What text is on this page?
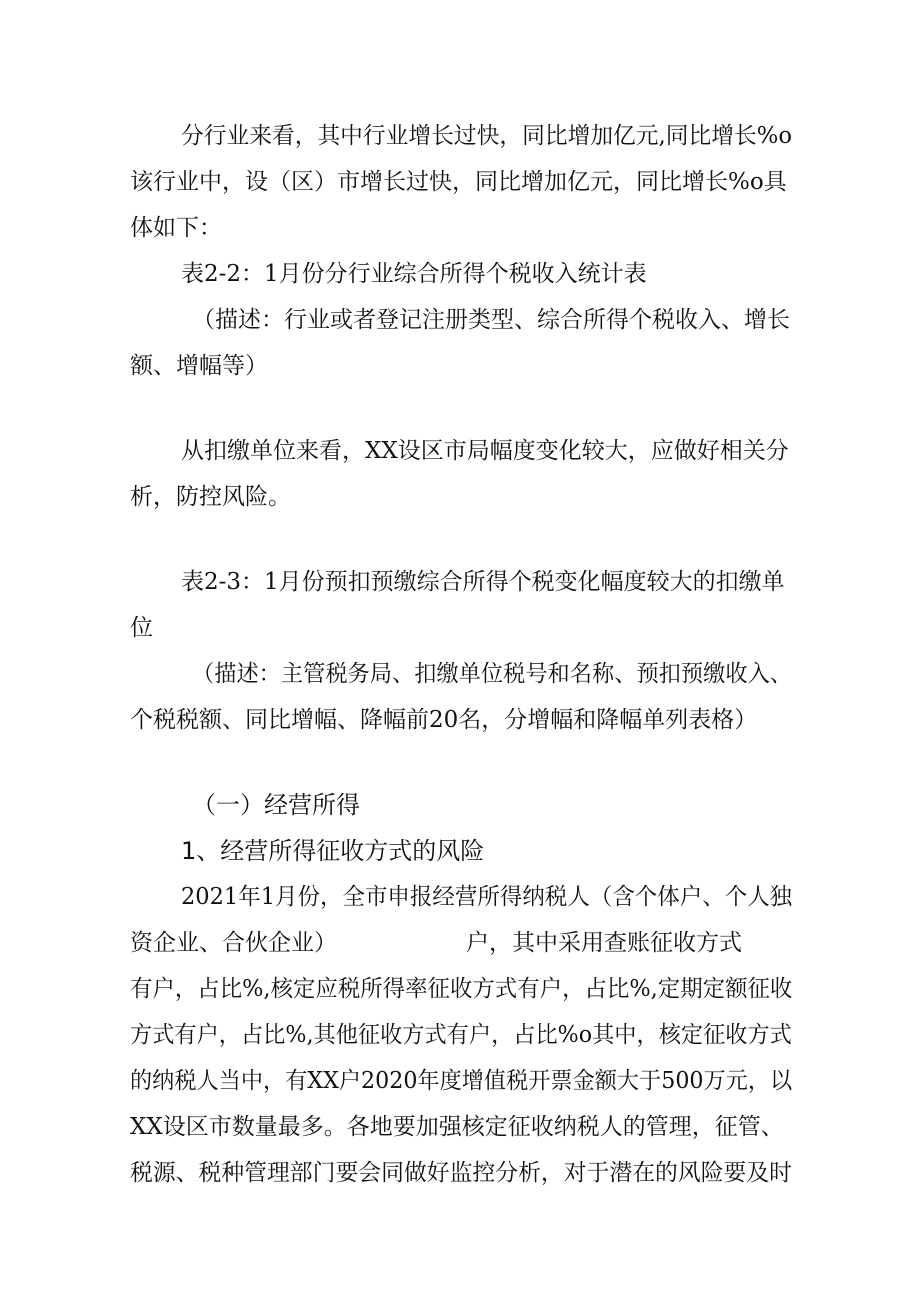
分行业来看，其中行业增长过快，同比增加亿元,同比增长%o
该行业中，设（区）市增长过快，同比增加亿元，同比增长%o具
体如下：
表2-2：1月份分行业综合所得个税收入统计表
（描述：行业或者登记注册类型、综合所得个税收入、增长
额、增幅等）
从扣缴单位来看，XX设区市局幅度变化较大，应做好相关分
析，防控风险。
表2-3：1月份预扣预缴综合所得个税变化幅度较大的扣缴单
位
（描述：主管税务局、扣缴单位税号和名称、预扣预缴收入、
个税税额、同比增幅、降幅前20名，分增幅和降幅单列表格）
（一）经营所得
1、经营所得征收方式的风险
2021年1月份，全市申报经营所得纳税人（含个体户、个人独
资企业、合伙企业）	户，其中采用查账征收方式
有户，占比%,核定应税所得率征收方式有户，占比%,定期定额征收
方式有户，占比%,其他征收方式有户，占比%o其中，核定征收方式
的纳税人当中，有XX户2020年度增值税开票金额大于500万元，以
XX设区市数量最多。各地要加强核定征收纳税人的管理，征管、
税源、税种管理部门要会同做好监控分析，对于潜在的风险要及时
